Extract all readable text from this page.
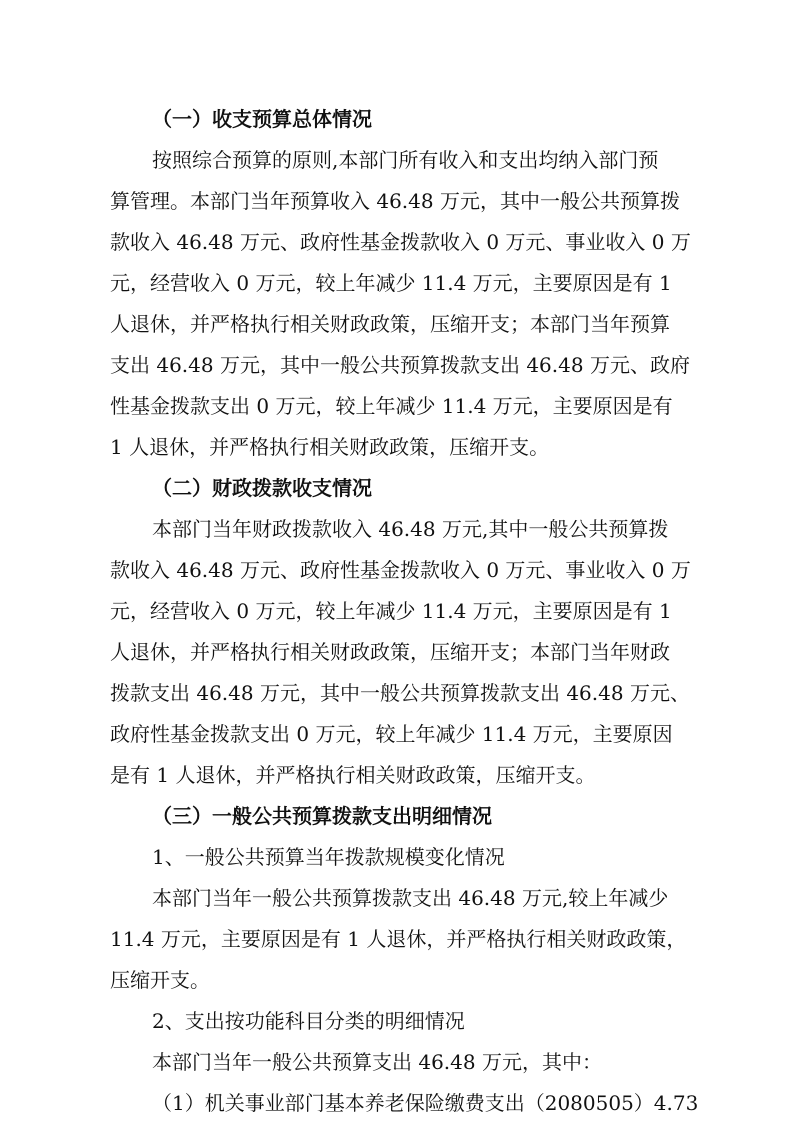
（一）收支预算总体情况
按照综合预算的原则,本部门所有收入和支出均纳入部门预
算管理。本部门当年预算收入 46.48 万元，其中一般公共预算拨
款收入 46.48 万元、政府性基金拨款收入 0 万元、事业收入 0 万
元，经营收入 0 万元，较上年减少 11.4 万元，主要原因是有 1
人退休，并严格执行相关财政政策，压缩开支；本部门当年预算
支出 46.48 万元，其中一般公共预算拨款支出 46.48 万元、政府
性基金拨款支出 0 万元，较上年减少 11.4 万元，主要原因是有
1 人退休，并严格执行相关财政政策，压缩开支。
（二）财政拨款收支情况
本部门当年财政拨款收入 46.48 万元,其中一般公共预算拨
款收入 46.48 万元、政府性基金拨款收入 0 万元、事业收入 0 万
元，经营收入 0 万元，较上年减少 11.4 万元，主要原因是有 1
人退休，并严格执行相关财政政策，压缩开支；本部门当年财政
拨款支出 46.48 万元，其中一般公共预算拨款支出 46.48 万元、
政府性基金拨款支出 0 万元，较上年减少 11.4 万元，主要原因
是有 1 人退休，并严格执行相关财政政策，压缩开支。
（三）一般公共预算拨款支出明细情况
1、一般公共预算当年拨款规模变化情况
本部门当年一般公共预算拨款支出 46.48 万元,较上年减少
11.4 万元，主要原因是有 1 人退休，并严格执行相关财政政策，
压缩开支。
2、支出按功能科目分类的明细情况
本部门当年一般公共预算支出 46.48 万元，其中：
（1）机关事业部门基本养老保险缴费支出（2080505）4.73
